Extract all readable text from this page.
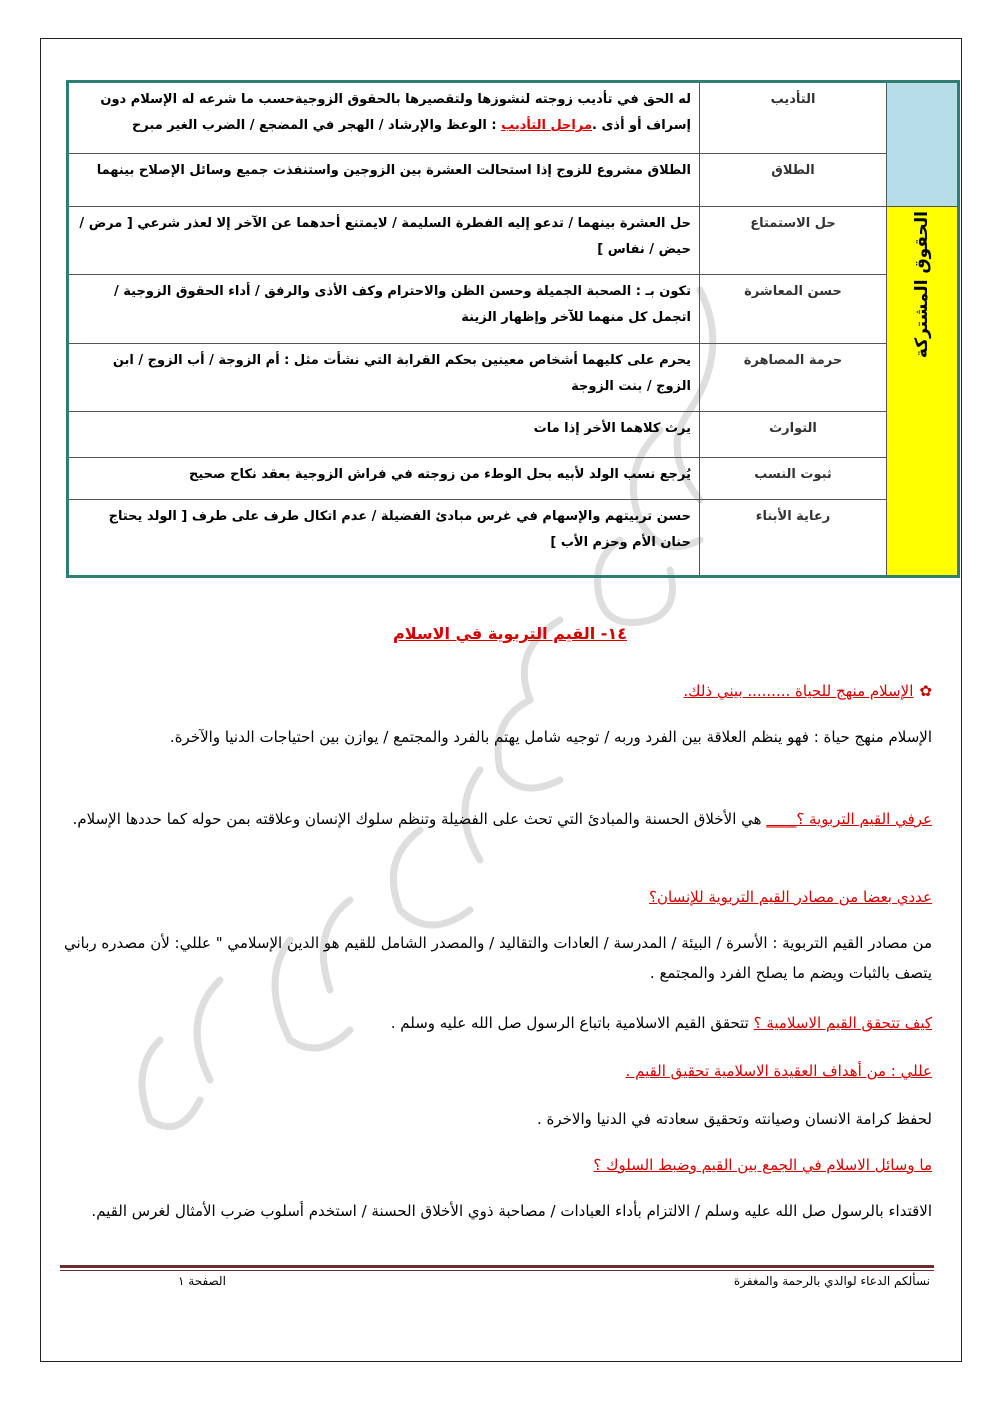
	التأديب	له الحق في تأديب زوجته لنشوزها ولتقصيرها بالحقوق الزوجيةحسب ما شرعه له الإسلام دون إسراف أو أذى .مراحل التأديب : الوعظ والإرشاد / الهجر في المضجع / الضرب الغير مبرح
	الطلاق	الطلاق مشروع للزوج إذا استحالت العشرة بين الزوجين واستنفذت جميع وسائل الإصلاح بينهما

الحقوق المشتركة	حل الاستمتاع	حل العشرة بينهما / تدعو إليه الفطرة السليمة / لايمتنع أحدهما عن الآخر إلا لعذر شرعي [ مرض / حيض / نفاس ]
	حسن المعاشرة	تكون بـ : الصحبة الجميلة وحسن الظن والاحترام وكف الأذى والرفق / أداء الحقوق الزوجية / اتجمل كل منهما للآخر وإظهار الزينة
	حرمة المصاهرة	يحرم على كليهما أشخاص معينين بحكم القرابة التي نشأت مثل : أم الزوجة / أب الزوج / ابن الزوج / بنت الزوجة
	التوارث	يرث كلاهما الأخر إذا مات
	ثبوت النسب	يُرجع نسب الولد لأبيه بحل الوطء من زوجته في فراش الزوجية بعقد نكاح صحيح
	رعاية الأبناء	حسن تربيتهم والإسهام في غرس مبادئ الفضيلة / عدم اتكال طرف على طرف [ الولد يحتاج حنان الأم وحزم الأب ]
١٤- القيم التربوية في الاسلام
✿الإسلام منهج للحياة ......... بيني ذلك.
الإسلام منهج حياة : فهو ينظم العلاقة بين الفرد وربه / توجيه شامل يهتم بالفرد والمجتمع / يوازن بين احتياجات الدنيا والآخرة.
عرفي القيم التربوية ؟____ هي الأخلاق الحسنة والمبادئ التي تحث على الفضيلة وتنظم سلوك الإنسان وعلاقته بمن حوله كما حددها الإسلام.
عددي بعضا من مصادر القيم التربوية للإنسان؟
من مصادر القيم التربوية : الأسرة / البيئة / المدرسة / العادات والتقاليد / والمصدر الشامل للقيم هو الدين الإسلامي " عللي: لأن مصدره رباني يتصف بالثبات ويضم ما يصلح الفرد والمجتمع .
كيف تتحقق القيم الاسلامية ؟ تتحقق القيم الاسلامية باتباع الرسول صل الله عليه وسلم .
عللي : من أهداف العقيدة الاسلامية تحقيق القيم .
لحفظ كرامة الانسان وصيانته وتحقيق سعادته في الدنيا والاخرة .
ما وسائل الاسلام في الجمع بين القيم وضبط السلوك ؟
الاقتداء بالرسول صل الله عليه وسلم / الالتزام بأداء العبادات / مصاحبة ذوي الأخلاق الحسنة / استخدم أسلوب ضرب الأمثال لغرس القيم.
نسألكم الدعاء لوالدي بالرحمة والمغفرة
الصفحة ١
